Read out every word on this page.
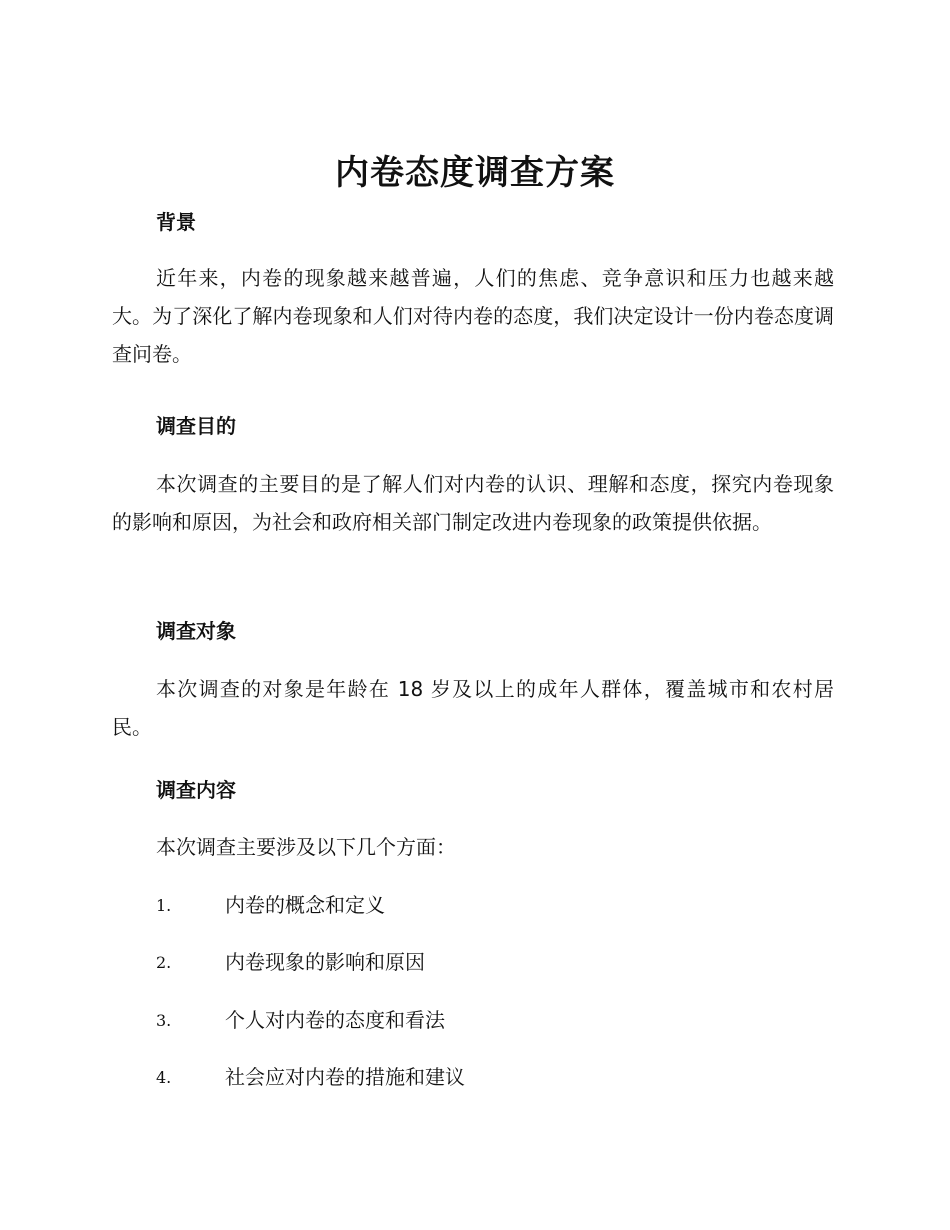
内卷态度调查方案
背景
近年来，内卷的现象越来越普遍，人们的焦虑、竞争意识和压力也越来越大。为了深化了解内卷现象和人们对待内卷的态度，我们决定设计一份内卷态度调查问卷。
调查目的
本次调查的主要目的是了解人们对内卷的认识、理解和态度，探究内卷现象的影响和原因，为社会和政府相关部门制定改进内卷现象的政策提供依据。
调查对象
本次调查的对象是年龄在 18 岁及以上的成年人群体，覆盖城市和农村居民。
调查内容
本次调查主要涉及以下几个方面：
1.	内卷的概念和定义
2.	内卷现象的影响和原因
3.	个人对内卷的态度和看法
4.	社会应对内卷的措施和建议
